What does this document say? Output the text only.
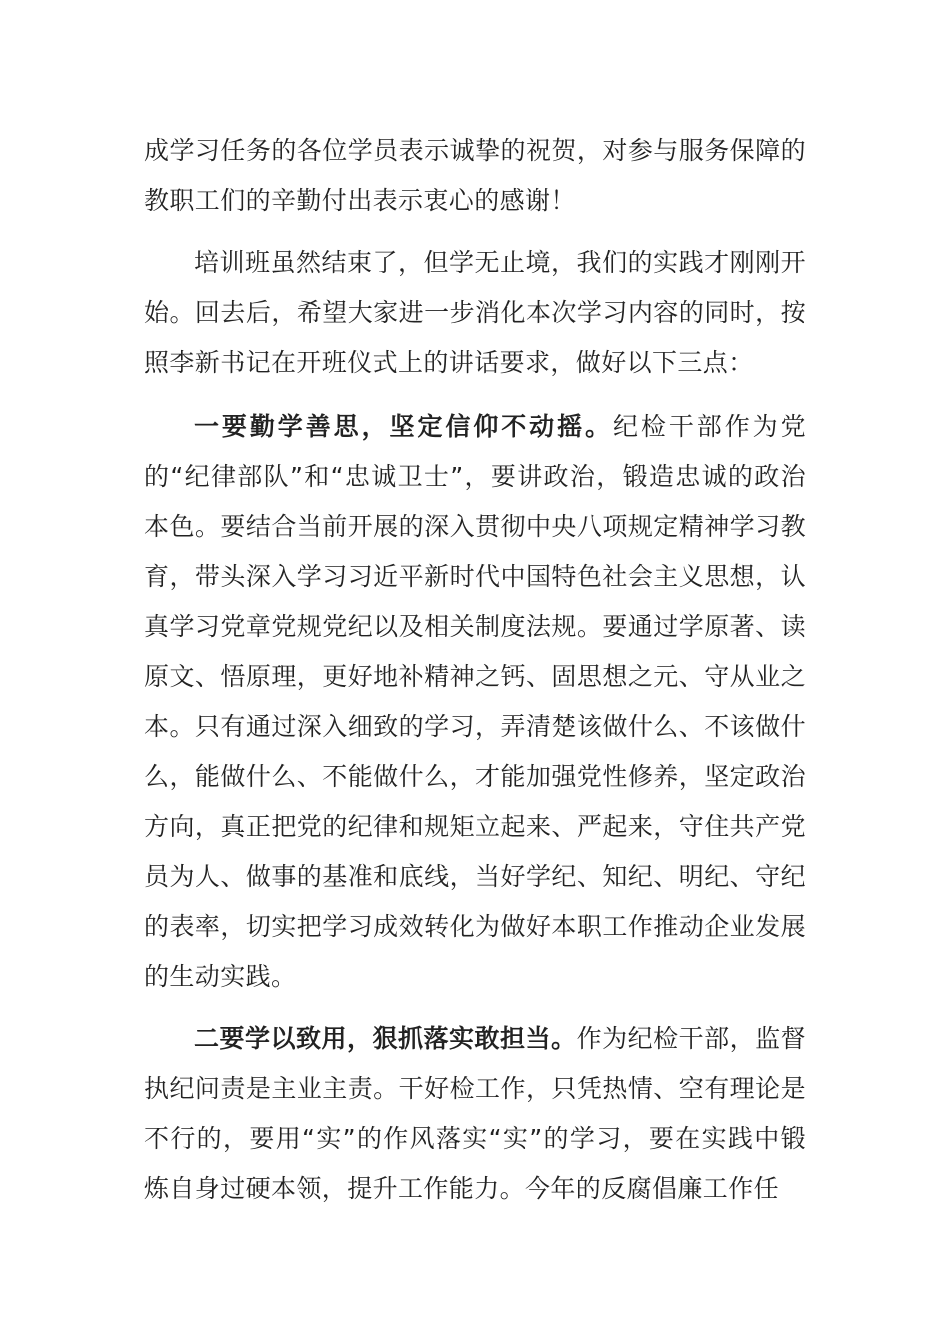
成学习任务的各位学员表示诚挚的祝贺，对参与服务保障的教职工们的辛勤付出表示衷心的感谢！

培训班虽然结束了，但学无止境，我们的实践才刚刚开始。回去后，希望大家进一步消化本次学习内容的同时，按照李新书记在开班仪式上的讲话要求，做好以下三点：

一要勤学善思，坚定信仰不动摇。纪检干部作为党的“纪律部队”和“忠诚卫士”，要讲政治，锻造忠诚的政治本色。要结合当前开展的深入贯彻中央八项规定精神学习教育，带头深入学习习近平新时代中国特色社会主义思想，认真学习党章党规党纪以及相关制度法规。要通过学原著、读原文、悟原理，更好地补精神之钙、固思想之元、守从业之本。只有通过深入细致的学习，弄清楚该做什么、不该做什么，能做什么、不能做什么，才能加强党性修养，坚定政治方向，真正把党的纪律和规矩立起来、严起来，守住共产党员为人、做事的基准和底线，当好学纪、知纪、明纪、守纪的表率，切实把学习成效转化为做好本职工作推动企业发展的生动实践。

二要学以致用，狠抓落实敢担当。作为纪检干部，监督执纪问责是主业主责。干好检工作，只凭热情、空有理论是不行的，要用“实”的作风落实“实”的学习，要在实践中锻炼自身过硬本领，提升工作能力。今年的反腐倡廉工作任
